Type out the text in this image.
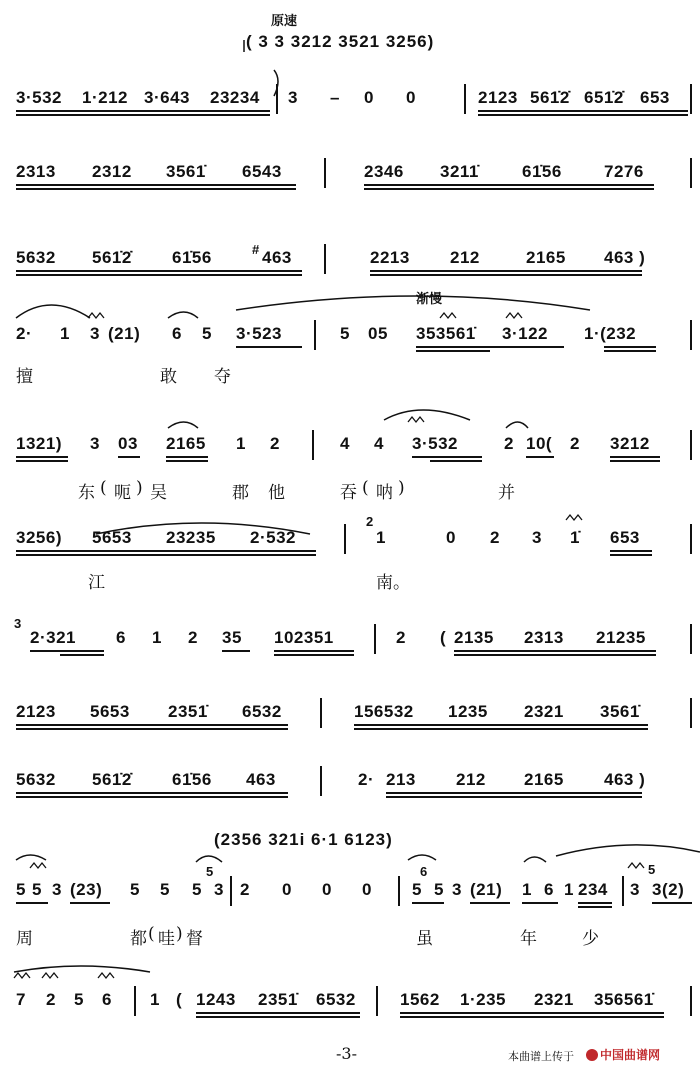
原速
( 3 3 3212 3521 3256)
3·532 1·212 3·643 23234 3 – 0 0	2123 561̇2̇ 651̇2̇ 653
2313 2312 3561̇ 6543	2346 3211̇	61̇56 7276
5632 561̇2̇ 61̇56	# 463	2213 212	2165 463 )
渐慢
2· 1 3 (21) 6 5 3·523	5 05 353561̇ 3·122 1·(232
擅	敢 夺
1321) 3 03 2165 1 2	4 4 3·532	2 10( 2 3212
东 ( 呃 ) 吴	郡 他	吞 ( 呐 )	并
3256) 5653 23235 2·532
2
1	0 2 3 1̇ 653
江	南。
3
2·321 6 1 2 35 102351	2 ( 2135 2313 21235
2123 5653 2351̇ 6532	156532 1235 2321 3561̇
5632 561̇2̇ 61̇56 463	2· 213 212 2165 463 )
(2356 321i 6·1 6123)
5 5 3 (23) 5 5 5
5
3 2 0 0 0
6
5 5 3 (21) 1 6 1 234
5
3 3(2)
周	都 ( 哇 ) 督	虽	年	少
7 2 5 6 1 ( 1243 2351̇ 6532	1562 1·235 2321 356561̇
-3-	本曲谱上传于	中国曲谱网
